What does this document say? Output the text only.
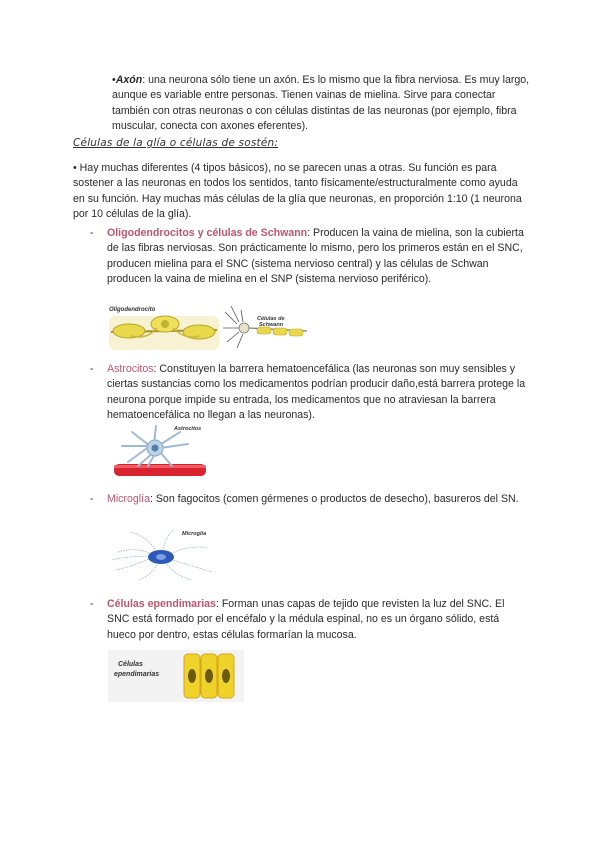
•Axón: una neurona sólo tiene un axón. Es lo mismo que la fibra nerviosa. Es muy largo, aunque es variable entre personas. Tienen vainas de mielina. Sirve para conectar también con otras neuronas o con células distintas de las neuronas (por ejemplo, fibra muscular, conecta con axones eferentes).
Células de la glía o células de sostén:
• Hay muchas diferentes (4 tipos básicos), no se parecen unas a otras. Su función es para sostener a las neuronas en todos los sentidos, tanto físicamente/estructuralmente como ayuda en su función. Hay muchas más células de la glía que neuronas, en proporción 1:10 (1 neurona por 10 células de la glía).
- Oligodendrocitos y células de Schwann: Producen la vaina de mielina, son la cubierta de las fibras nerviosas. Son prácticamente lo mismo, pero los primeros están en el SNC, producen mielina para el SNC (sistema nervioso central) y las células de Schwan producen la vaina de mielina en el SNP (sistema nervioso periférico).
Oligodendrocito
Células de
Schwann
- Astrocitos: Constituyen la barrera hematoencefálica (las neuronas son muy sensibles y ciertas sustancias como los medicamentos podrían producir daño,está barrera protege la neurona porque impide su entrada, los medicamentos que no atraviesan la barrera hematoencefálica no llegan a las neuronas).
Astrocitos
- Microglía: Son fagocitos (comen gérmenes o productos de desecho), basureros del SN.
Microglía
- Células ependimarias: Forman unas capas de tejido que revisten la luz del SNC. El SNC está formado por el encéfalo y la médula espinal, no es un órgano sólido, está hueco por dentro, estas células formarían la mucosa.
Células
ependimarias
